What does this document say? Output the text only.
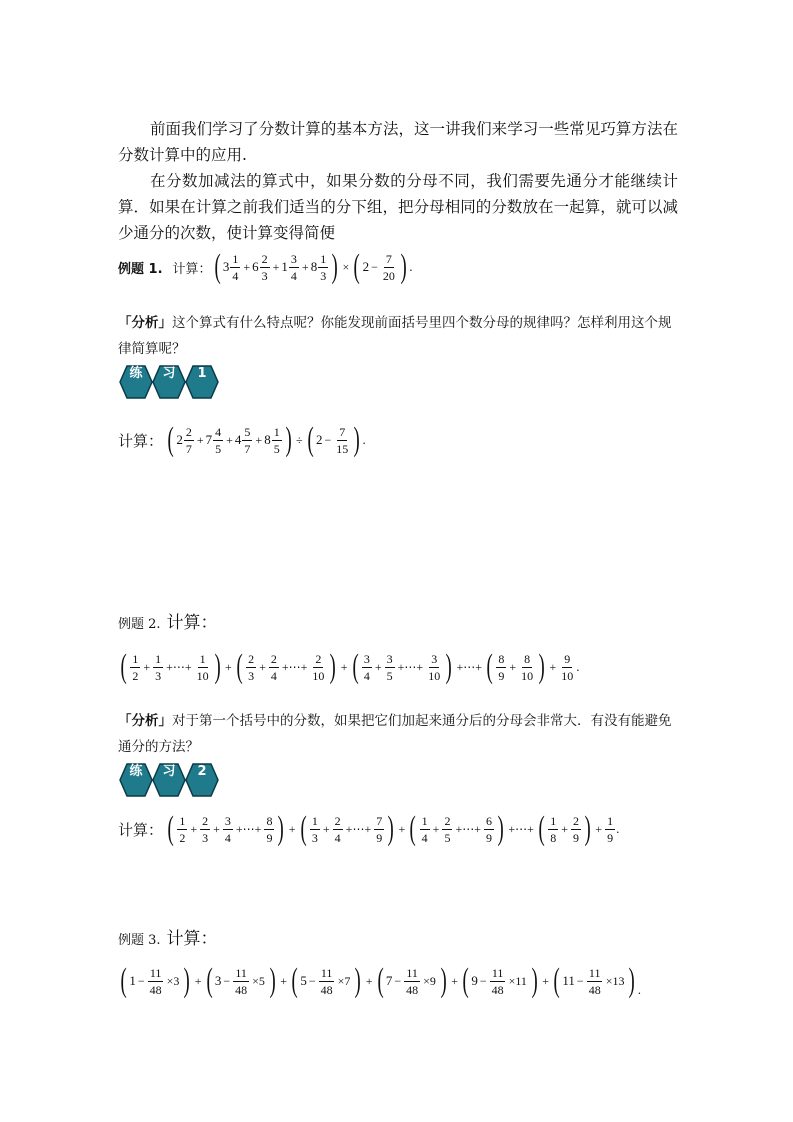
前面我们学习了分数计算的基本方法，这一讲我们来学习一些常见巧算方法在分数计算中的应用.

在分数加减法的算式中，如果分数的分母不同，我们需要先通分才能继续计算．如果在计算之前我们适当的分下组，把分母相同的分数放在一起算，就可以减少通分的次数，使计算变得简便

例题 1. 计算： ( $3 \frac{1}{4} + 6 \frac{2}{3} + 1 \frac{3}{4} + 8 \frac{1}{3}$ ) × ( $2 - \frac{7}{20}$ ) .
「分析」这个算式有什么特点呢？你能发现前面括号里四个数分母的规律吗？怎样利用这个规律简算呢？
练 习 1
计算： ( $2 \frac{2}{7} + 7 \frac{4}{5} + 4 \frac{5}{7} + 8 \frac{1}{5}$ ) ÷ ( $2 - \frac{7}{15}$ ) .
例题 2. 计算：
( $\frac{1}{2} + \frac{1}{3}$ +⋯+ $\frac{1}{10}$ ) + ( $\frac{2}{3} + \frac{2}{4}$ +⋯+ $\frac{2}{10}$ ) + ( $\frac{3}{4} + \frac{3}{5}$ +⋯+ $\frac{3}{10}$ ) +⋯+ ( $\frac{8}{9} + \frac{8}{10}$ ) + $\frac{9}{10}$ .
「分析」对于第一个括号中的分数，如果把它们加起来通分后的分母会非常大．有没有能避免通分的方法？
练 习 2
计算： ( $\frac{1}{2} + \frac{2}{3} + \frac{3}{4}$ +⋯+ $\frac{8}{9}$ ) + ( $\frac{1}{3} + \frac{2}{4}$ +⋯+ $\frac{7}{9}$ ) + ( $\frac{1}{4} + \frac{2}{5}$ +⋯+ $\frac{6}{9}$ ) +⋯+ ( $\frac{1}{8} + \frac{2}{9}$ ) + $\frac{1}{9}$ .
例题 3. 计算：
( $1 - \frac{11}{48} \times 3$ ) + ( $3 - \frac{11}{48} \times 5$ ) + ( $5 - \frac{11}{48} \times 7$ ) + ( $7 - \frac{11}{48} \times 9$ ) + ( $9 - \frac{11}{48} \times 11$ ) + ( $11 - \frac{11}{48} \times 13$ ) .
